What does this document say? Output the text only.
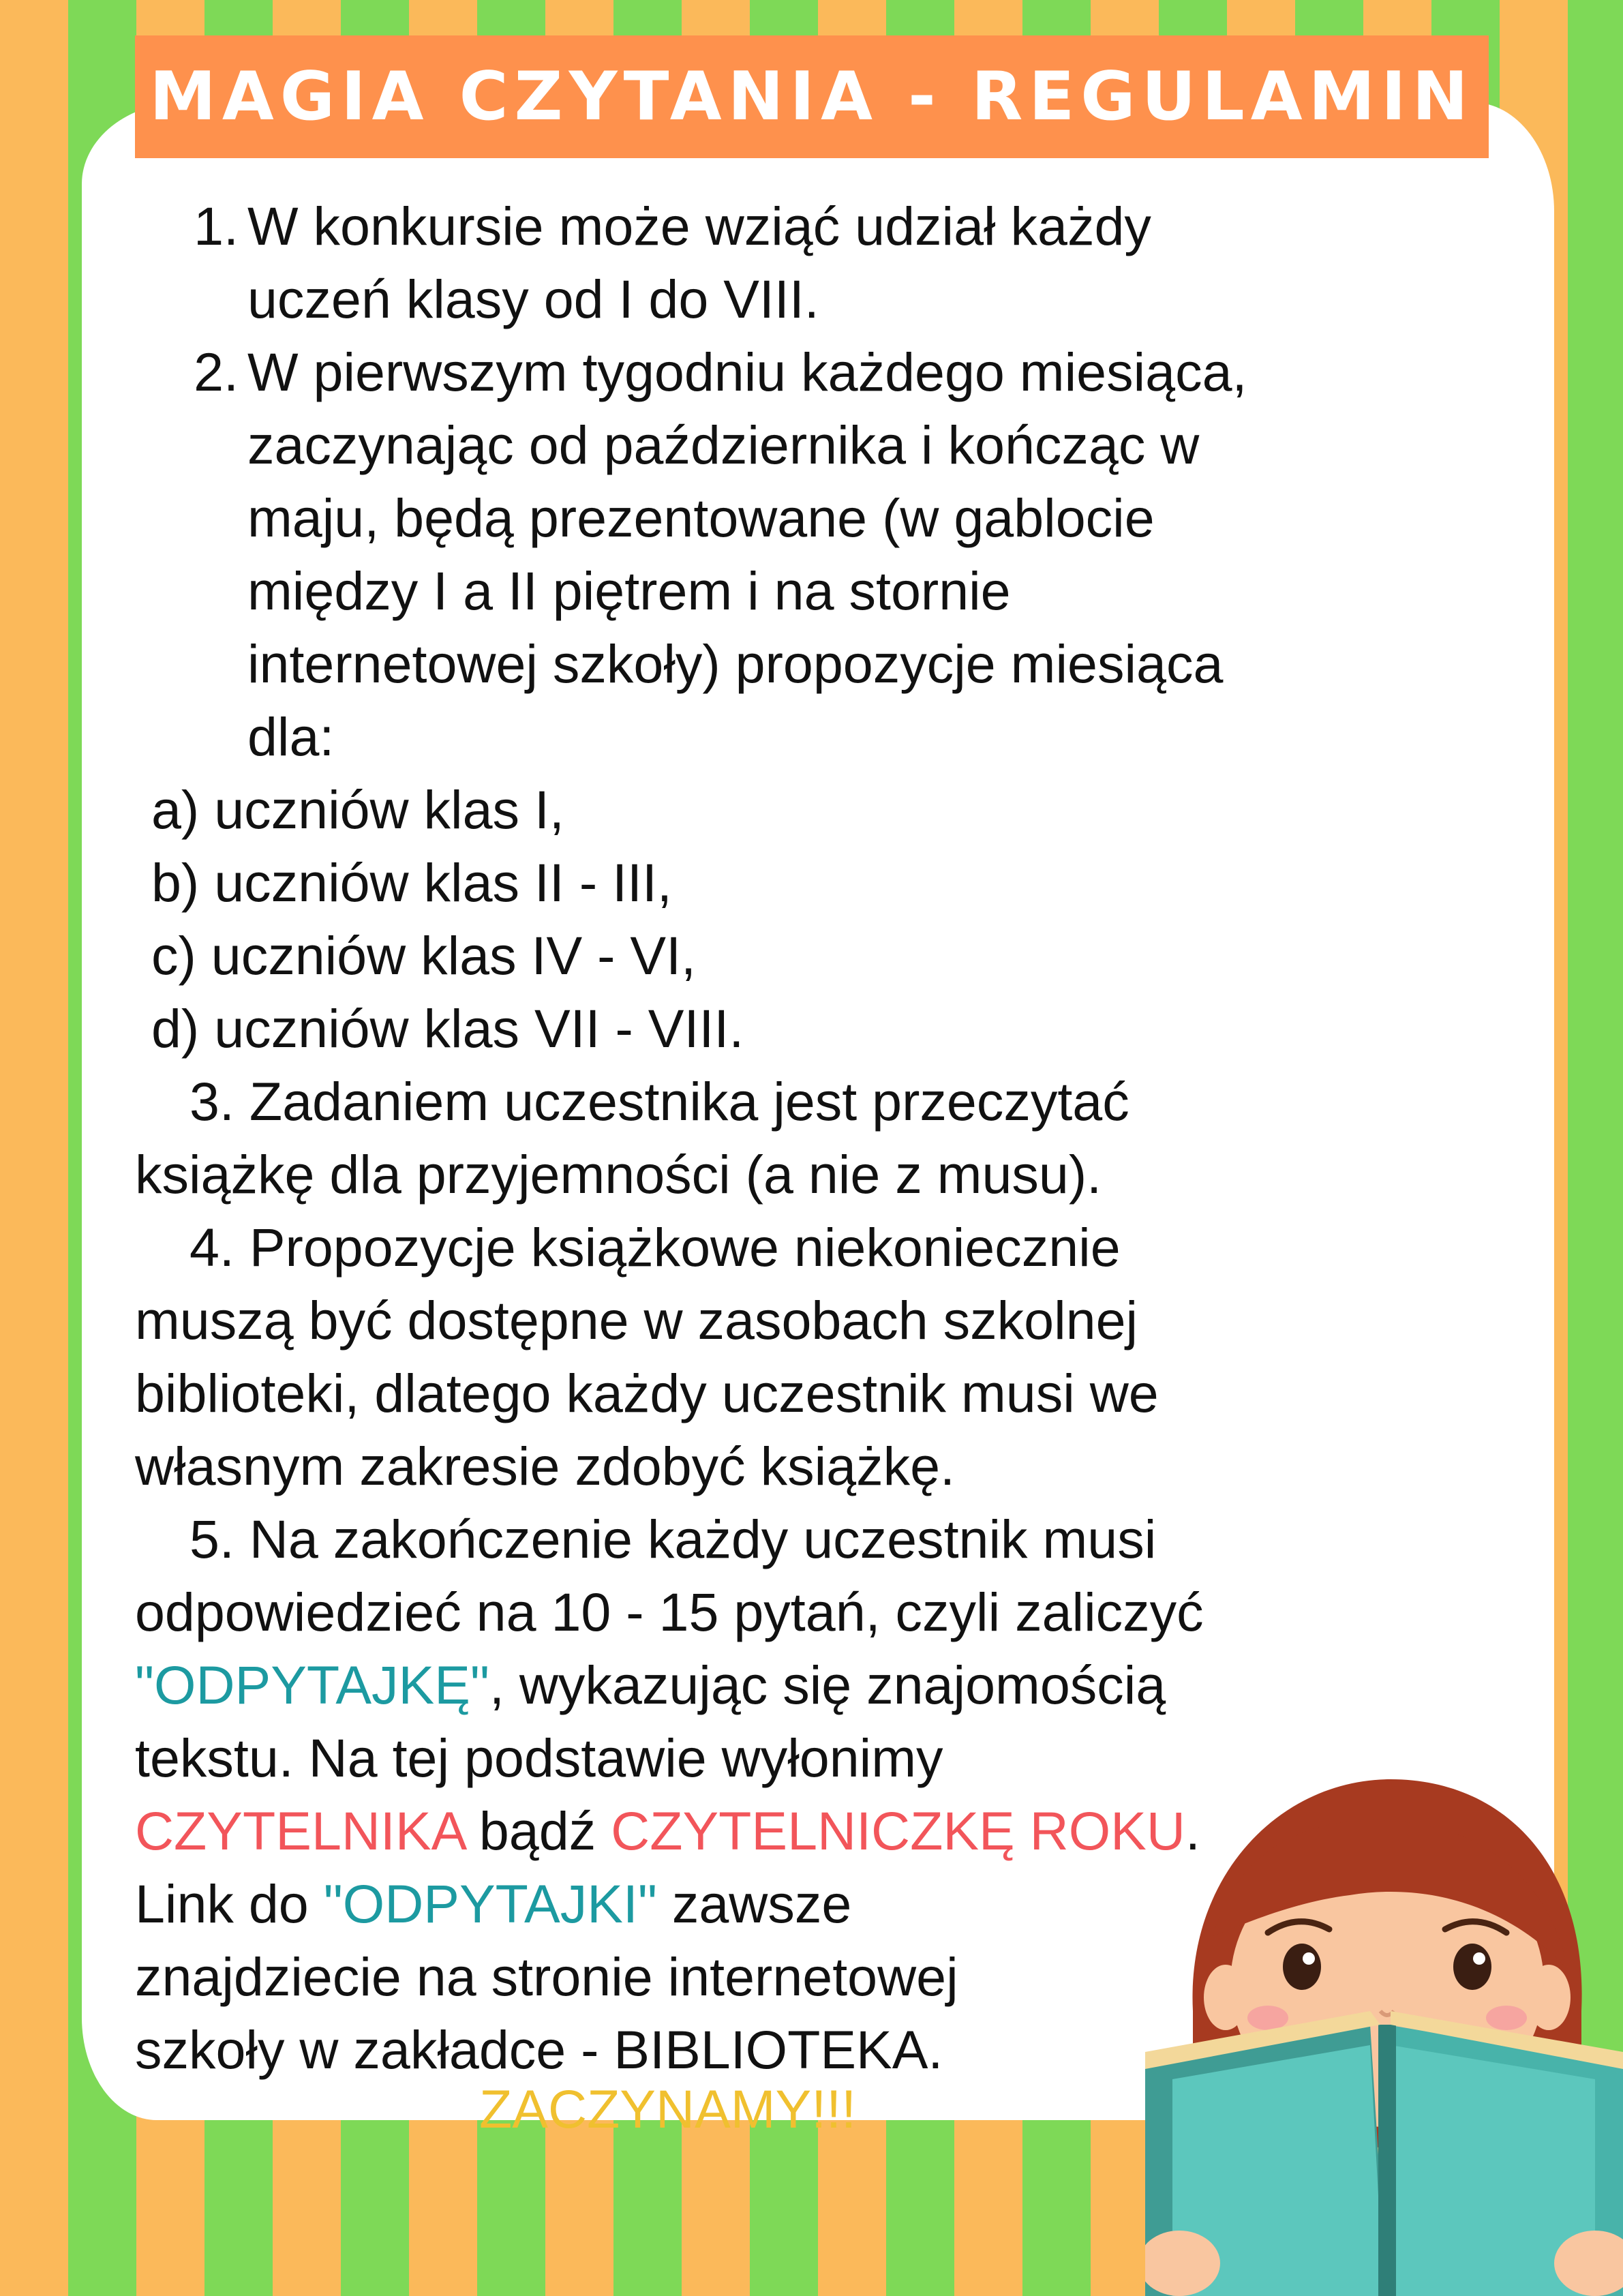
MAGIA CZYTANIA - REGULAMIN

1. W konkursie może wziąć udział każdy

uczeń klasy od I do VIII.

2. W pierwszym tygodniu każdego miesiąca,

zaczynając od października i kończąc w

maju, będą prezentowane (w gablocie

między I a II piętrem i na stornie

internetowej szkoły) propozycje miesiąca

dla:

a) uczniów klas I,

b) uczniów klas II - III,

c) uczniów klas IV - VI,

d) uczniów klas VII - VIII.

3. Zadaniem uczestnika jest przeczytać

książkę dla przyjemności (a nie z musu).

4. Propozycje książkowe niekoniecznie

muszą być dostępne w zasobach szkolnej

biblioteki, dlatego każdy uczestnik musi we

własnym zakresie zdobyć książkę.

5. Na zakończenie każdy uczestnik musi

odpowiedzieć na 10 - 15 pytań, czyli zaliczyć

"ODPYTAJKĘ", wykazując się znajomością

tekstu. Na tej podstawie wyłonimy

CZYTELNIKA bądź CZYTELNICZKĘ ROKU.

Link do "ODPYTAJKI" zawsze

znajdziecie na stronie internetowej

szkoły w zakładce - BIBLIOTEKA.

ZACZYNAMY!!!
